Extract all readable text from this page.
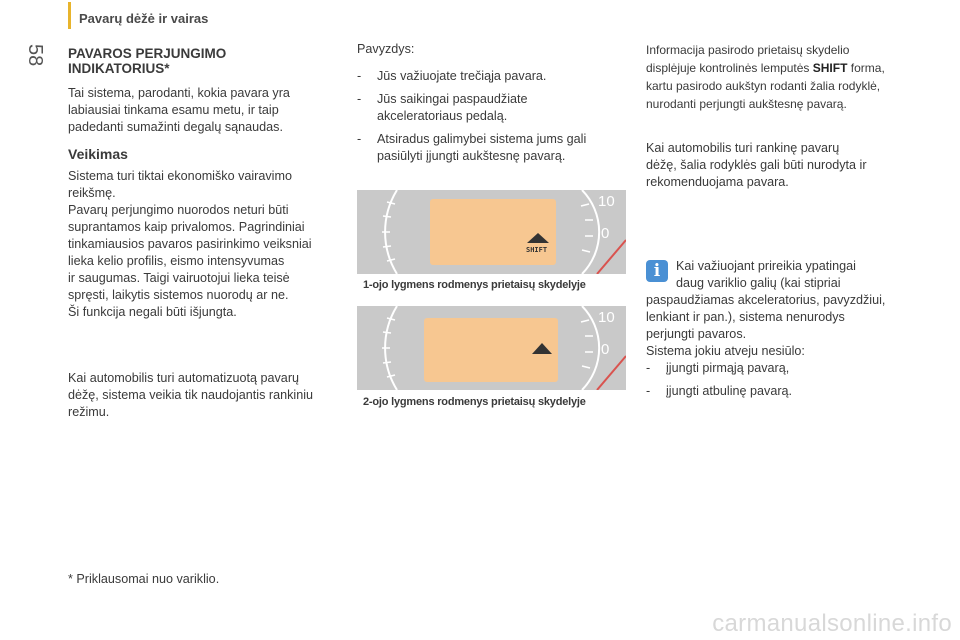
Pavarų dėžė ir vairas
58 PAVAROS PERJUNGIMO
INDIKATORIUS*
Tai sistema, parodanti, kokia pavara yra
labiausiai tinkama esamu metu, ir taip
padedanti sumažinti degalų sąnaudas.
Veikimas
Sistema turi tiktai ekonomiško vairavimo
reikšmę.
Pavarų perjungimo nuorodos neturi būti
suprantamos kaip privalomos. Pagrindiniai
tinkamiausios pavaros pasirinkimo veiksniai
lieka kelio profilis, eismo intensyvumas
ir saugumas. Taigi vairuotojui lieka teisė
spręsti, laikytis sistemos nuorodų ar ne.
Ši funkcija negali būti išjungta.
Kai automobilis turi automatizuotą pavarų
dėžę, sistema veikia tik naudojantis rankiniu
režimu.
* Priklausomai nuo variklio.
Pavyzdys:
- Jūs važiuojate trečiąja pavara.
- Jūs saikingai paspaudžiate
akceleratoriaus pedalą.
- Atsiradus galimybei sistema jums gali
pasiūlyti įjungti aukštesnę pavarą.
SHIFT
10
0
1-ojo lygmens rodmenys prietaisų skydelyje
10
0
2-ojo lygmens rodmenys prietaisų skydelyje
Informacija pasirodo prietaisų skydelio
displėjuje kontrolinės lemputės SHIFT forma,
kartu pasirodo aukštyn rodanti žalia rodyklė,
nurodanti perjungti aukštesnę pavarą.
Kai automobilis turi rankinę pavarų
dėžę, šalia rodyklės gali būti nurodyta ir
rekomenduojama pavara.
i	Kai važiuojant prireikia ypatingai
daug variklio galių (kai stipriai
paspaudžiamas akceleratorius, pavyzdžiui,
lenkiant ir pan.), sistema nenurodys
perjungti pavaros.
Sistema jokiu atveju nesiūlo:
- įjungti pirmąją pavarą,
- įjungti atbulinę pavarą.
carmanualsonline.info
